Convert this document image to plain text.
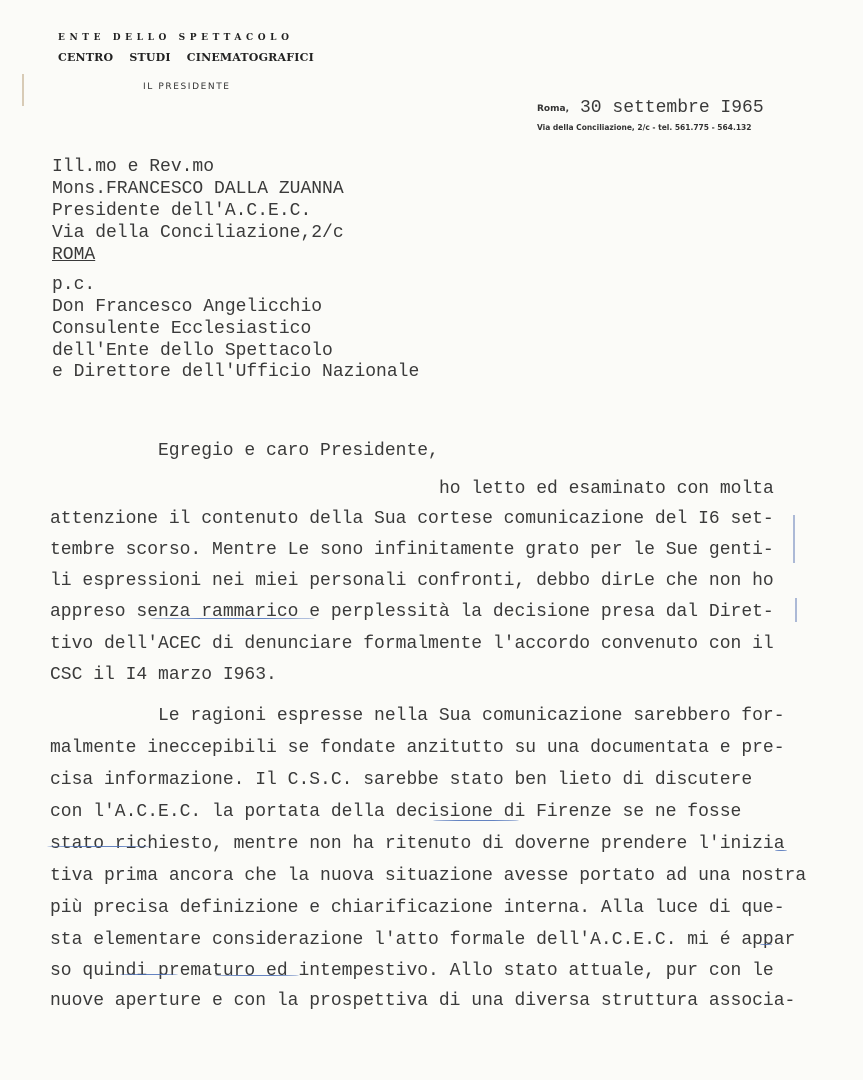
ENTE DELLO SPETTACOLO
CENTRO STUDI CINEMATOGRAFICI
IL PRESIDENTE
Roma, 30 settembre I965
Via della Conciliazione, 2/c - tel. 561.775 - 564.132
Ill.mo e Rev.mo
Mons.FRANCESCO DALLA ZUANNA
Presidente dell'A.C.E.C.
Via della Conciliazione,2/c
ROMA
p.c.
Don Francesco Angelicchio
Consulente Ecclesiastico
dell'Ente dello Spettacolo
e Direttore dell'Ufficio Nazionale
Egregio e caro Presidente,
ho letto ed esaminato con molta
attenzione il contenuto della Sua cortese comunicazione del I6 set-
tembre scorso. Mentre Le sono infinitamente grato per le Sue genti-
li espressioni nei miei personali confronti, debbo dirLe che non ho
appreso senza rammarico e perplessità la decisione presa dal Diret-
tivo dell'ACEC di denunciare formalmente l'accordo convenuto con il
CSC il I4 marzo I963.
Le ragioni espresse nella Sua comunicazione sarebbero for-
malmente ineccepibili se fondate anzitutto su una documentata e pre-
cisa informazione. Il C.S.C. sarebbe stato ben lieto di discutere
con l'A.C.E.C. la portata della decisione di Firenze se ne fosse
stato richiesto, mentre non ha ritenuto di doverne prendere l'inizia
tiva prima ancora che la nuova situazione avesse portato ad una nostra
più precisa definizione e chiarificazione interna. Alla luce di que-
sta elementare considerazione l'atto formale dell'A.C.E.C. mi é appar
so quindi prematuro ed intempestivo. Allo stato attuale, pur con le
nuove aperture e con la prospettiva di una diversa struttura associa-
